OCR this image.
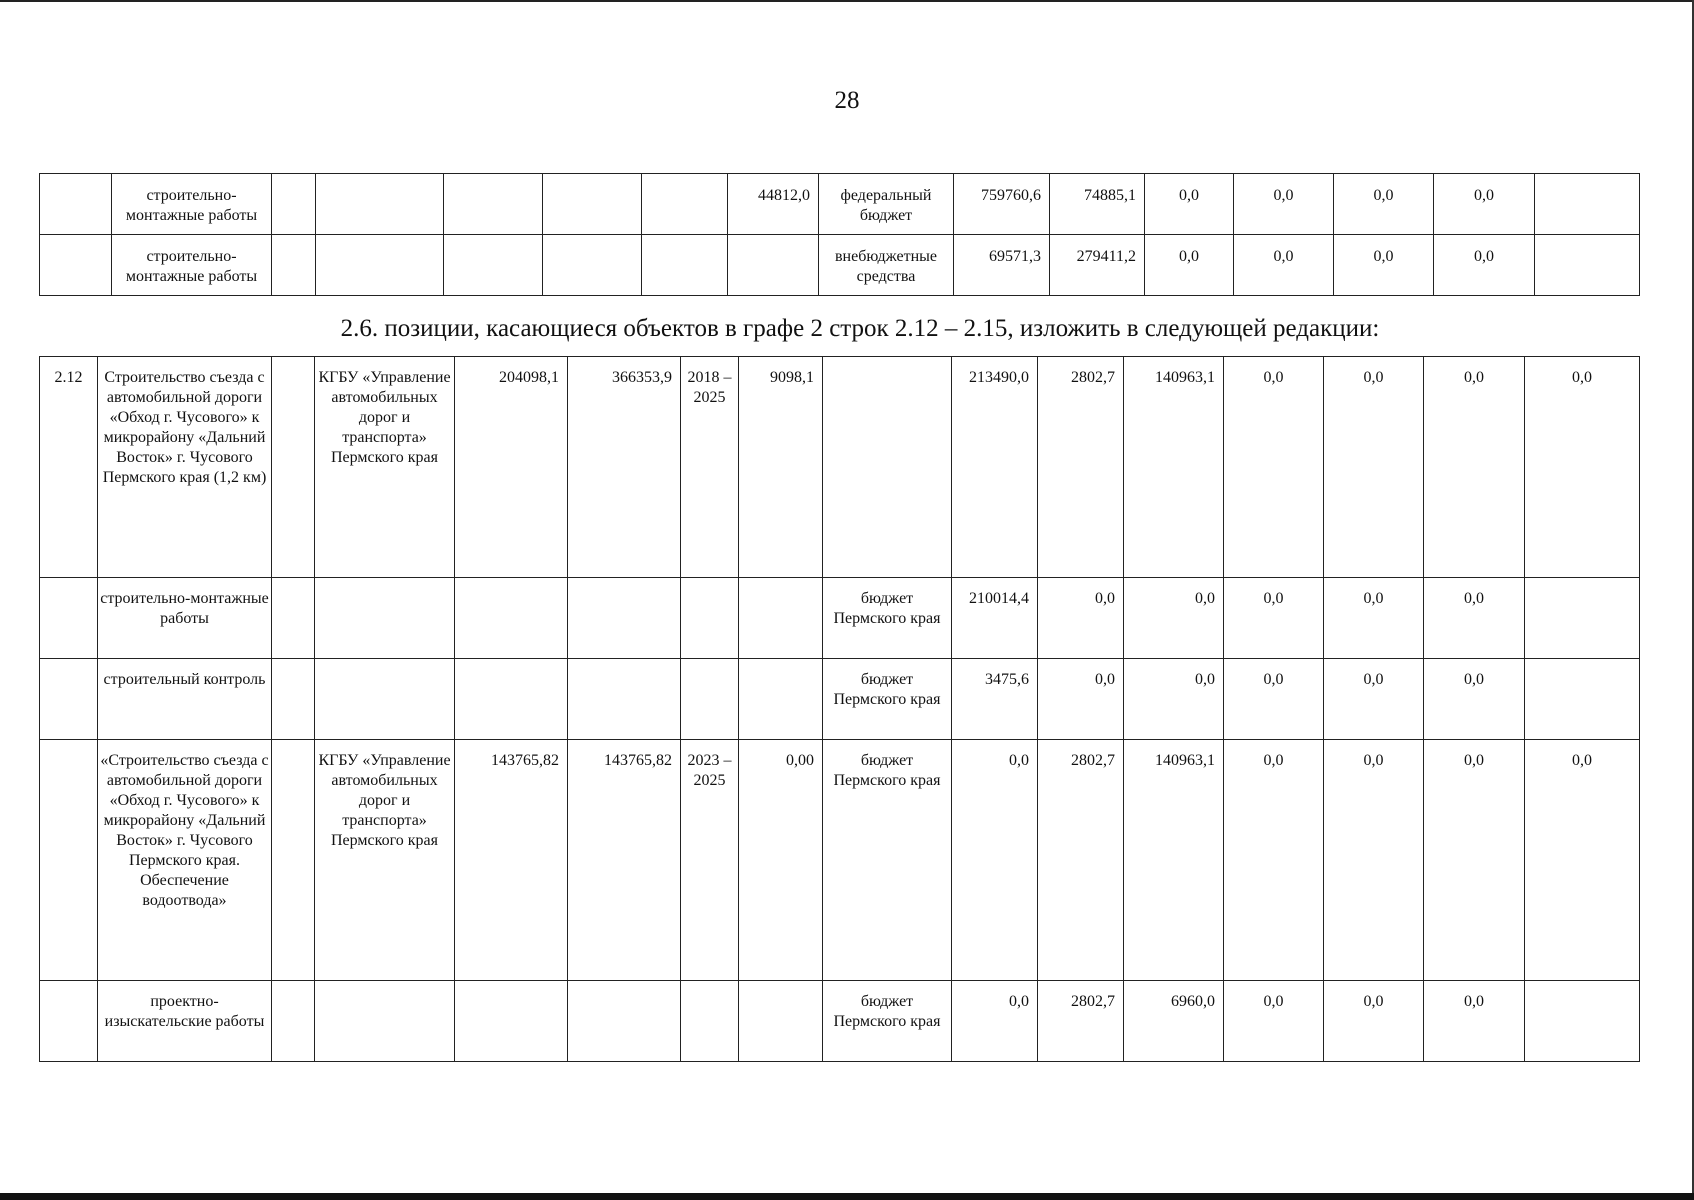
28
	строительно-монтажные работы						44812,0	федеральный бюджет	759760,6	74885,1	0,0	0,0	0,0	0,0	
	строительно-монтажные работы							внебюджетные средства	69571,3	279411,2	0,0	0,0	0,0	0,0	
2.6. позиции, касающиеся объектов в графе 2 строк 2.12 – 2.15, изложить в следующей редакции:
2.12	Строительство съезда с автомобильной дороги «Обход г. Чусового» к микрорайону «Дальний Восток» г. Чусового Пермского края (1,2 км)		КГБУ «Управление автомобильных дорог и транспорта» Пермского края	204098,1	366353,9	2018 – 2025	9098,1		213490,0	2802,7	140963,1	0,0	0,0	0,0	0,0
	строительно-монтажные работы							бюджет Пермского края	210014,4	0,0	0,0	0,0	0,0	0,0	
	строительный контроль							бюджет Пермского края	3475,6	0,0	0,0	0,0	0,0	0,0	
	«Строительство съезда с автомобильной дороги «Обход г. Чусового» к микрорайону «Дальний Восток» г. Чусового Пермского края. Обеспечение водоотвода»		КГБУ «Управление автомобильных дорог и транспорта» Пермского края	143765,82	143765,82	2023 – 2025	0,00	бюджет Пермского края	0,0	2802,7	140963,1	0,0	0,0	0,0	0,0
	проектно-изыскательские работы							бюджет Пермского края	0,0	2802,7	6960,0	0,0	0,0	0,0	
